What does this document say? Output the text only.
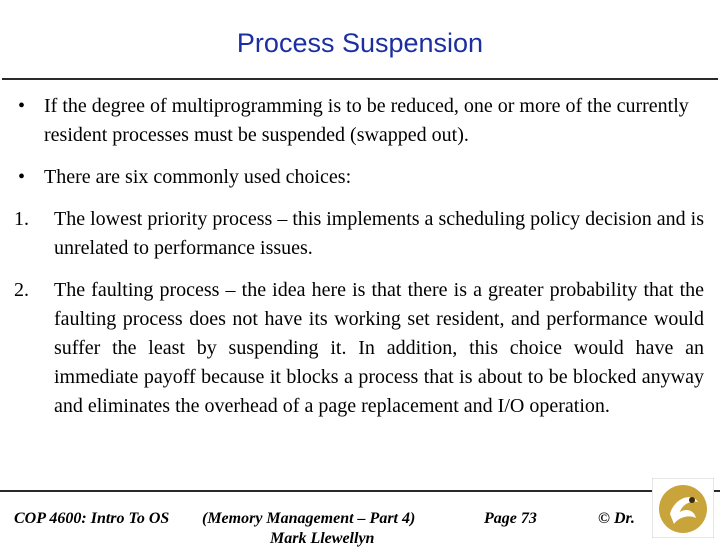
Process Suspension
• If the degree of multiprogramming is to be reduced, one or more of the currently resident processes must be suspended (swapped out).
• There are six commonly used choices:
1. The lowest priority process – this implements a scheduling policy decision and is unrelated to performance issues.
2. The faulting process – the idea here is that there is a greater probability that the faulting process does not have its working set resident, and performance would suffer the least by suspending it. In addition, this choice would have an immediate payoff because it blocks a process that is about to be blocked anyway and eliminates the overhead of a page replacement and I/O operation.
COP 4600: Intro To OS (Memory Management – Part 4)	Page 73	© Dr.
Mark Llewellyn
